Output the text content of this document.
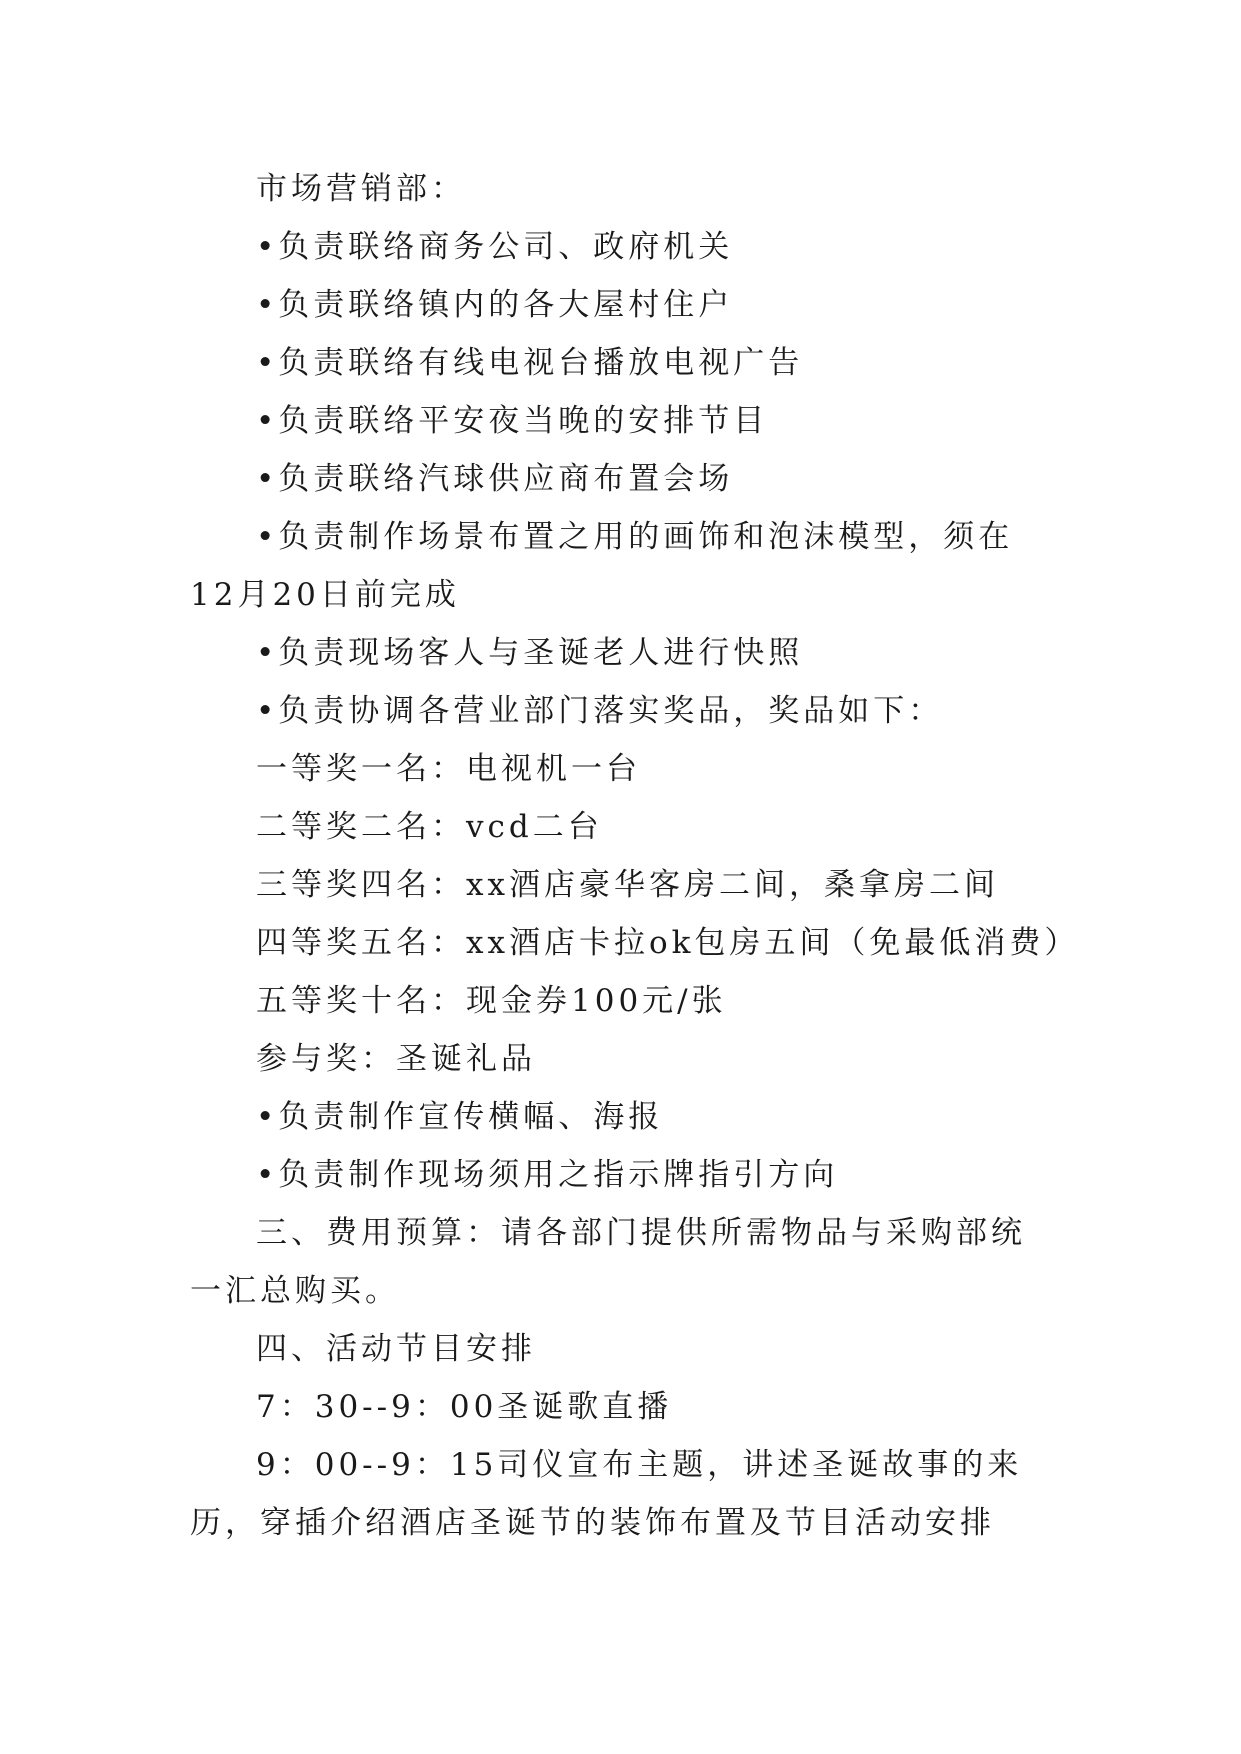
市场营销部：

•负责联络商务公司、政府机关

•负责联络镇内的各大屋村住户

•负责联络有线电视台播放电视广告

•负责联络平安夜当晚的安排节目

•负责联络汽球供应商布置会场

•负责制作场景布置之用的画饰和泡沫模型，须在12月20日前完成

•负责现场客人与圣诞老人进行快照

•负责协调各营业部门落实奖品，奖品如下：

一等奖一名：电视机一台

二等奖二名：vcd二台

三等奖四名：xx酒店豪华客房二间，桑拿房二间

四等奖五名：xx酒店卡拉ok包房五间（免最低消费）

五等奖十名：现金券100元/张

参与奖：圣诞礼品

•负责制作宣传横幅、海报

•负责制作现场须用之指示牌指引方向

三、费用预算：请各部门提供所需物品与采购部统一汇总购买。

四、活动节目安排

7：30--9：00圣诞歌直播

9：00--9：15司仪宣布主题，讲述圣诞故事的来历，穿插介绍酒店圣诞节的装饰布置及节目活动安排
